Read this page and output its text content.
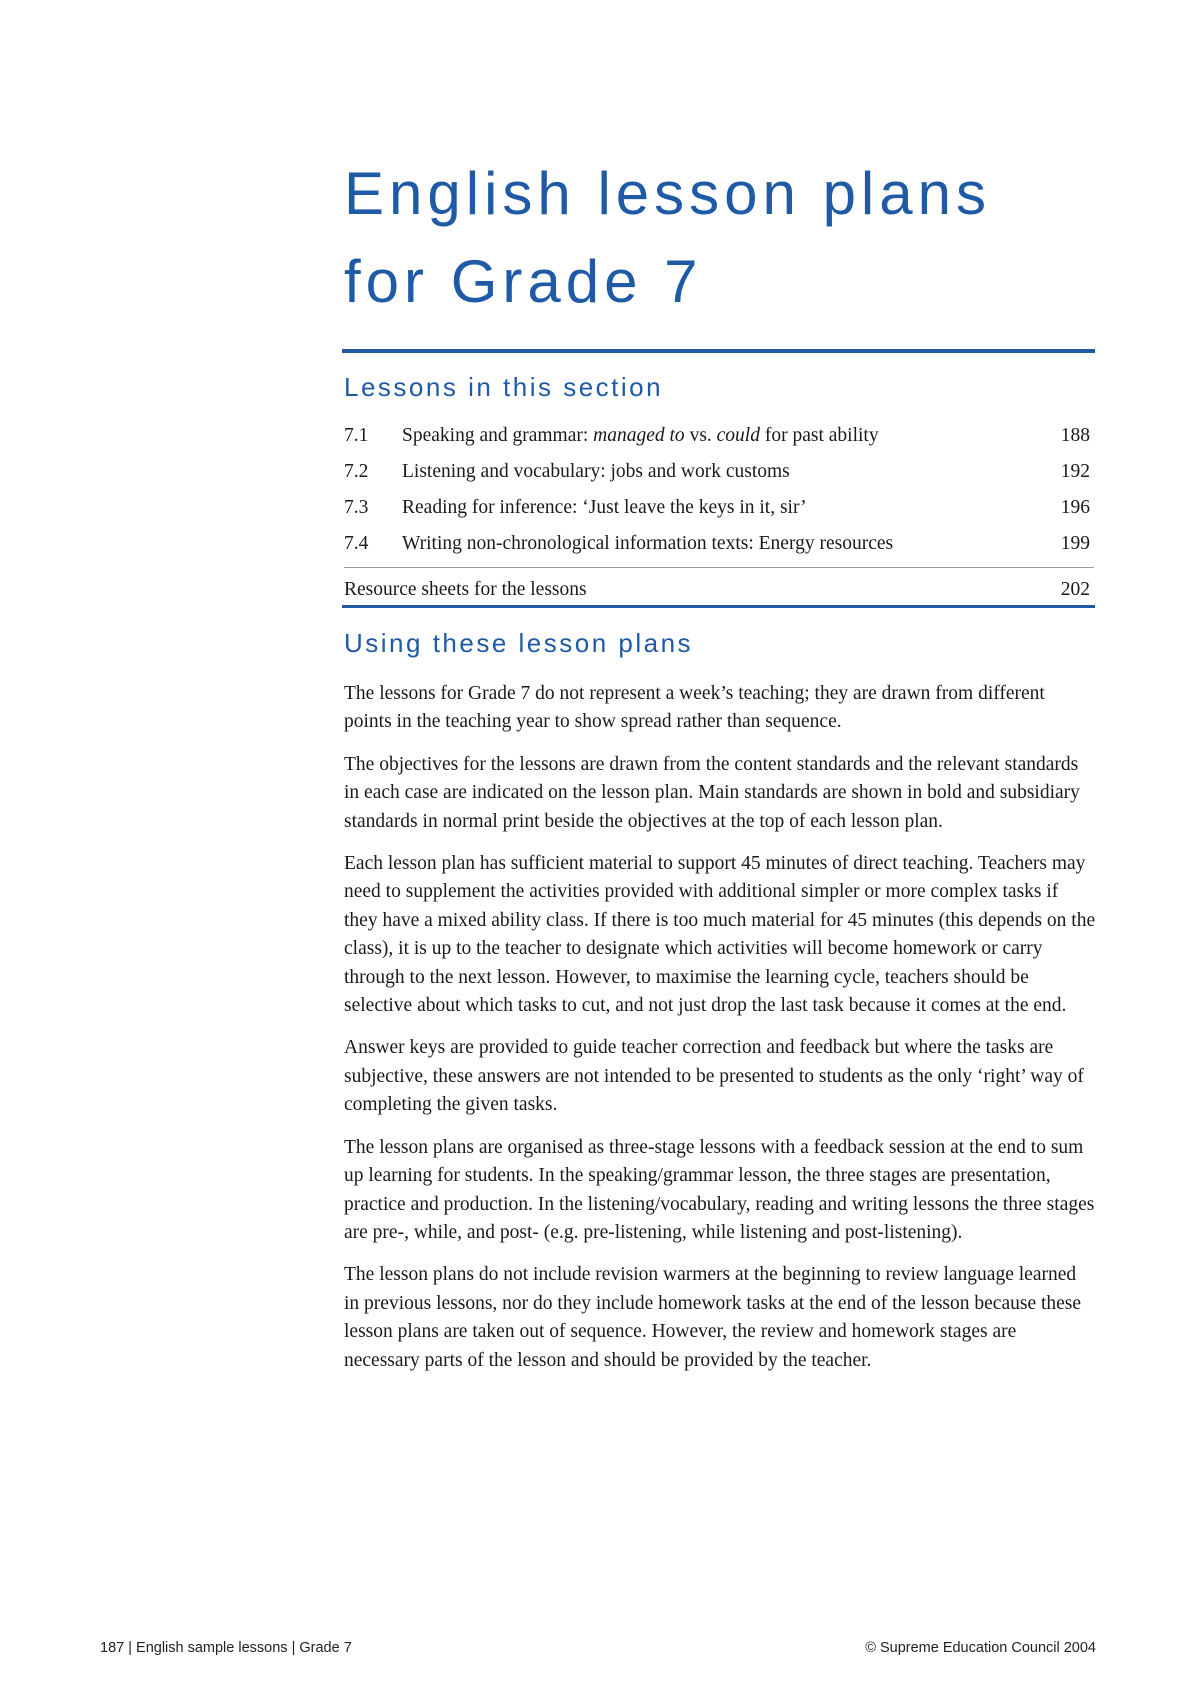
English lesson plans
for Grade 7
Lessons in this section
7.1 Speaking and grammar: managed to vs. could for past ability	188
7.2 Listening and vocabulary: jobs and work customs	192
7.3 Reading for inference: ‘Just leave the keys in it, sir’	196
7.4 Writing non-chronological information texts: Energy resources	199
Resource sheets for the lessons	202
Using these lesson plans

The lessons for Grade 7 do not represent a week’s teaching; they are drawn from different points in the teaching year to show spread rather than sequence.

The objectives for the lessons are drawn from the content standards and the relevant standards in each case are indicated on the lesson plan. Main standards are shown in bold and subsidiary standards in normal print beside the objectives at the top of each lesson plan.

Each lesson plan has sufficient material to support 45 minutes of direct teaching. Teachers may need to supplement the activities provided with additional simpler or more complex tasks if they have a mixed ability class. If there is too much material for 45 minutes (this depends on the class), it is up to the teacher to designate which activities will become homework or carry through to the next lesson. However, to maximise the learning cycle, teachers should be selective about which tasks to cut, and not just drop the last task because it comes at the end.

Answer keys are provided to guide teacher correction and feedback but where the tasks are subjective, these answers are not intended to be presented to students as the only ‘right’ way of completing the given tasks.

The lesson plans are organised as three-stage lessons with a feedback session at the end to sum up learning for students. In the speaking/grammar lesson, the three stages are presentation, practice and production. In the listening/vocabulary, reading and writing lessons the three stages are pre-, while, and post- (e.g. pre-listening, while listening and post-listening).

The lesson plans do not include revision warmers at the beginning to review language learned in previous lessons, nor do they include homework tasks at the end of the lesson because these lesson plans are taken out of sequence. However, the review and homework stages are necessary parts of the lesson and should be provided by the teacher.

187 | English sample lessons | Grade 7	© Supreme Education Council 2004
